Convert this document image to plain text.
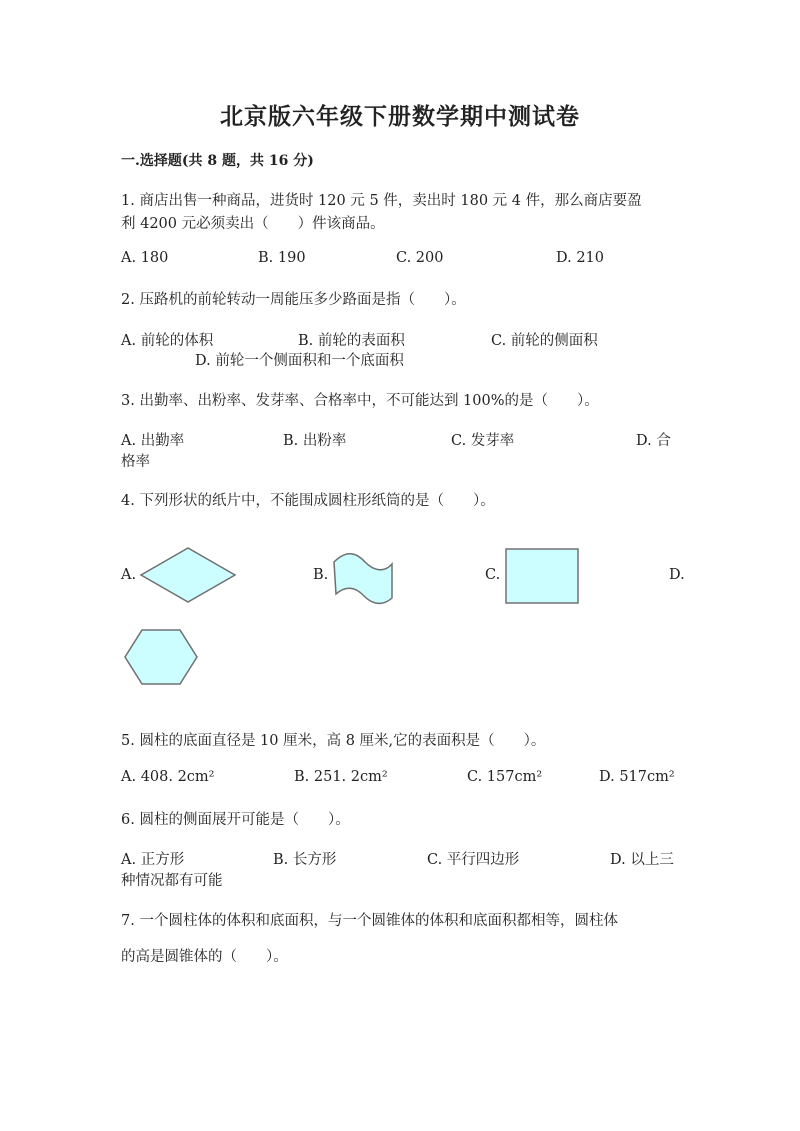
北京版六年级下册数学期中测试卷
一.选择题(共 8 题，共 16 分)
1. 商店出售一种商品，进货时 120 元 5 件，卖出时 180 元 4 件，那么商店要盈
利 4200 元必须卖出（　　）件该商品。
A. 180	B. 190	C. 200	D. 210
2. 压路机的前轮转动一周能压多少路面是指（　　）。
A. 前轮的体积	B. 前轮的表面积	C. 前轮的侧面积
D. 前轮一个侧面积和一个底面积
3. 出勤率、出粉率、发芽率、合格率中，不可能达到 100%的是（　　）。
A. 出勤率	B. 出粉率	C. 发芽率	D. 合
格率
4. 下列形状的纸片中，不能围成圆柱形纸筒的是（　　）。
A.	B.	C.	D.
5. 圆柱的底面直径是 10 厘米，高 8 厘米,它的表面积是（　　）。
A. 408. 2cm²	B. 251. 2cm²	C. 157cm²	D. 517cm²
6. 圆柱的侧面展开可能是（　　）。
A. 正方形	B. 长方形	C. 平行四边形	D. 以上三
种情况都有可能
7. 一个圆柱体的体积和底面积，与一个圆锥体的体积和底面积都相等，圆柱体
的高是圆锥体的（　　）。
